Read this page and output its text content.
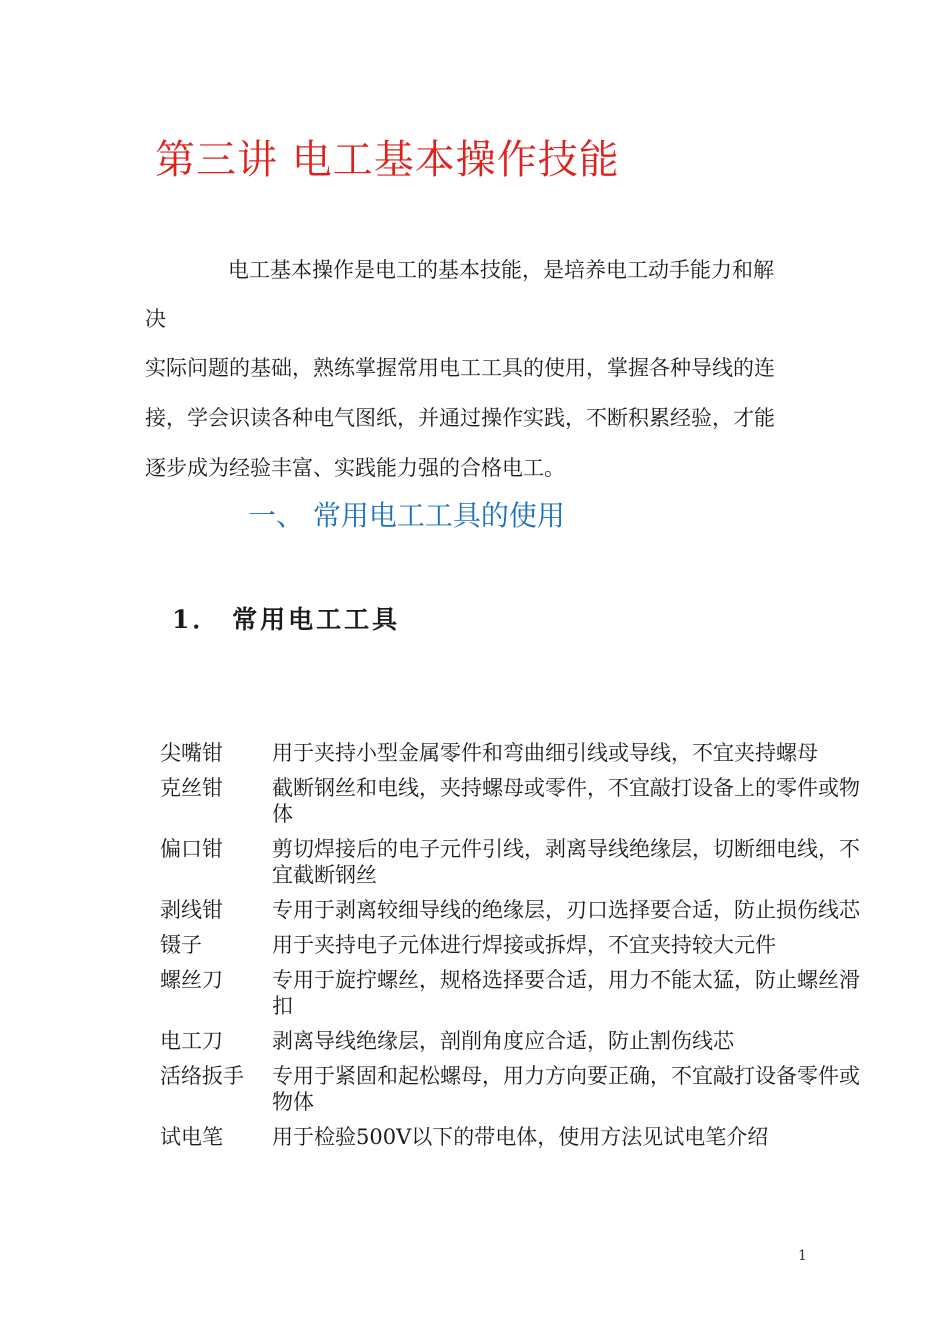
第三讲 电工基本操作技能

电工基本操作是电工的基本技能，是培养电工动手能力和解

决

实际问题的基础，熟练掌握常用电工工具的使用，掌握各种导线的连

接，学会识读各种电气图纸，并通过操作实践，不断积累经验，才能

逐步成为经验丰富、实践能力强的合格电工。

一、 常用电工工具的使用
1． 常用电工工具
尖嘴钳	用于夹持小型金属零件和弯曲细引线或导线，不宜夹持螺母
克丝钳	截断钢丝和电线，夹持螺母或零件，不宜敲打设备上的零件或物体
偏口钳	剪切焊接后的电子元件引线，剥离导线绝缘层，切断细电线，不宜截断钢丝
剥线钳	专用于剥离较细导线的绝缘层，刃口选择要合适，防止损伤线芯
镊子	用于夹持电子元体进行焊接或拆焊，不宜夹持较大元件
螺丝刀	专用于旋拧螺丝，规格选择要合适，用力不能太猛，防止螺丝滑扣
电工刀	剥离导线绝缘层，剖削角度应合适，防止割伤线芯
活络扳手	专用于紧固和起松螺母，用力方向要正确，不宜敲打设备零件或物体
试电笔	用于检验500V以下的带电体，使用方法见试电笔介绍
1
